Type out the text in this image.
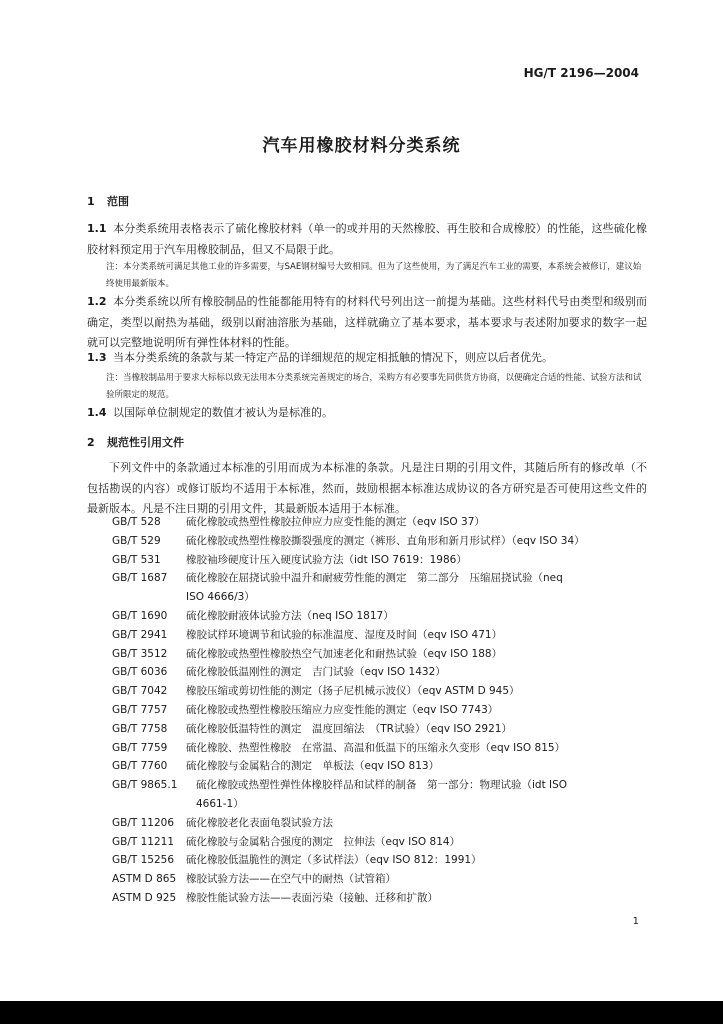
HG/T 2196—2004
汽车用橡胶材料分类系统
1 范围

1.1 本分类系统用表格表示了硫化橡胶材料（单一的或并用的天然橡胶、再生胶和合成橡胶）的性能，这些硫化橡胶材料预定用于汽车用橡胶制品，但又不局限于此。

注：本分类系统可满足其他工业的许多需要，与SAE钢材编号大致相同。但为了这些使用，为了满足汽车工业的需要，本系统会被修订，建议始终使用最新版本。

1.2 本分类系统以所有橡胶制品的性能都能用特有的材料代号列出这一前提为基础。这些材料代号由类型和级别而确定，类型以耐热为基础，级别以耐油溶胀为基础，这样就确立了基本要求，基本要求与表述附加要求的数字一起就可以完整地说明所有弹性体材料的性能。

1.3 当本分类系统的条款与某一特定产品的详细规范的规定相抵触的情况下，则应以后者优先。

注：当橡胶制品用于要求大标标以致无法用本分类系统完善规定的场合，采购方有必要事先同供货方协商，以便确定合适的性能、试验方法和试验所限定的规范。

1.4 以国际单位制规定的数值才被认为是标准的。

2 规范性引用文件

下列文件中的条款通过本标准的引用而成为本标准的条款。凡是注日期的引用文件，其随后所有的修改单（不包括勘误的内容）或修订版均不适用于本标准，然而，鼓励根据本标准达成协议的各方研究是否可使用这些文件的最新版本。凡是不注日期的引用文件，其最新版本适用于本标准。

GB/T 528	硫化橡胶或热塑性橡胶拉伸应力应变性能的测定（eqv ISO 37）
GB/T 529	硫化橡胶或热塑性橡胶撕裂强度的测定（裤形、直角形和新月形试样）（eqv ISO 34）
GB/T 531	橡胶袖珍硬度计压入硬度试验方法（idt ISO 7619：1986）
GB/T 1687	硫化橡胶在屈挠试验中温升和耐疲劳性能的测定　第二部分　压缩屈挠试验（neq
ISO 4666/3）
GB/T 1690	硫化橡胶耐液体试验方法（neq ISO 1817）
GB/T 2941	橡胶试样环境调节和试验的标准温度、湿度及时间（eqv ISO 471）
GB/T 3512	硫化橡胶或热塑性橡胶热空气加速老化和耐热试验（eqv ISO 188）
GB/T 6036	硫化橡胶低温刚性的测定　吉门试验（eqv ISO 1432）
GB/T 7042	橡胶压缩或剪切性能的测定（扬子尼机械示波仪）（eqv ASTM D 945）
GB/T 7757	硫化橡胶或热塑性橡胶压缩应力应变性能的测定（eqv ISO 7743）
GB/T 7758	硫化橡胶低温特性的测定　温度回缩法　（TR试验）（eqv ISO 2921）
GB/T 7759	硫化橡胶、热塑性橡胶　在常温、高温和低温下的压缩永久变形（eqv ISO 815）
GB/T 7760	硫化橡胶与金属粘合的测定　单板法（eqv ISO 813）
GB/T 9865.1	硫化橡胶或热塑性弹性体橡胶样品和试样的制备　第一部分：物理试验（idt ISO
4661-1）
GB/T 11206	硫化橡胶老化表面龟裂试验方法
GB/T 11211	硫化橡胶与金属粘合强度的测定　拉伸法（eqv ISO 814）
GB/T 15256	硫化橡胶低温脆性的测定（多试样法）（eqv ISO 812：1991）
ASTM D 865 橡胶试验方法——在空气中的耐热（试管箱）
ASTM D 925 橡胶性能试验方法——表面污染（接触、迁移和扩散）
1
